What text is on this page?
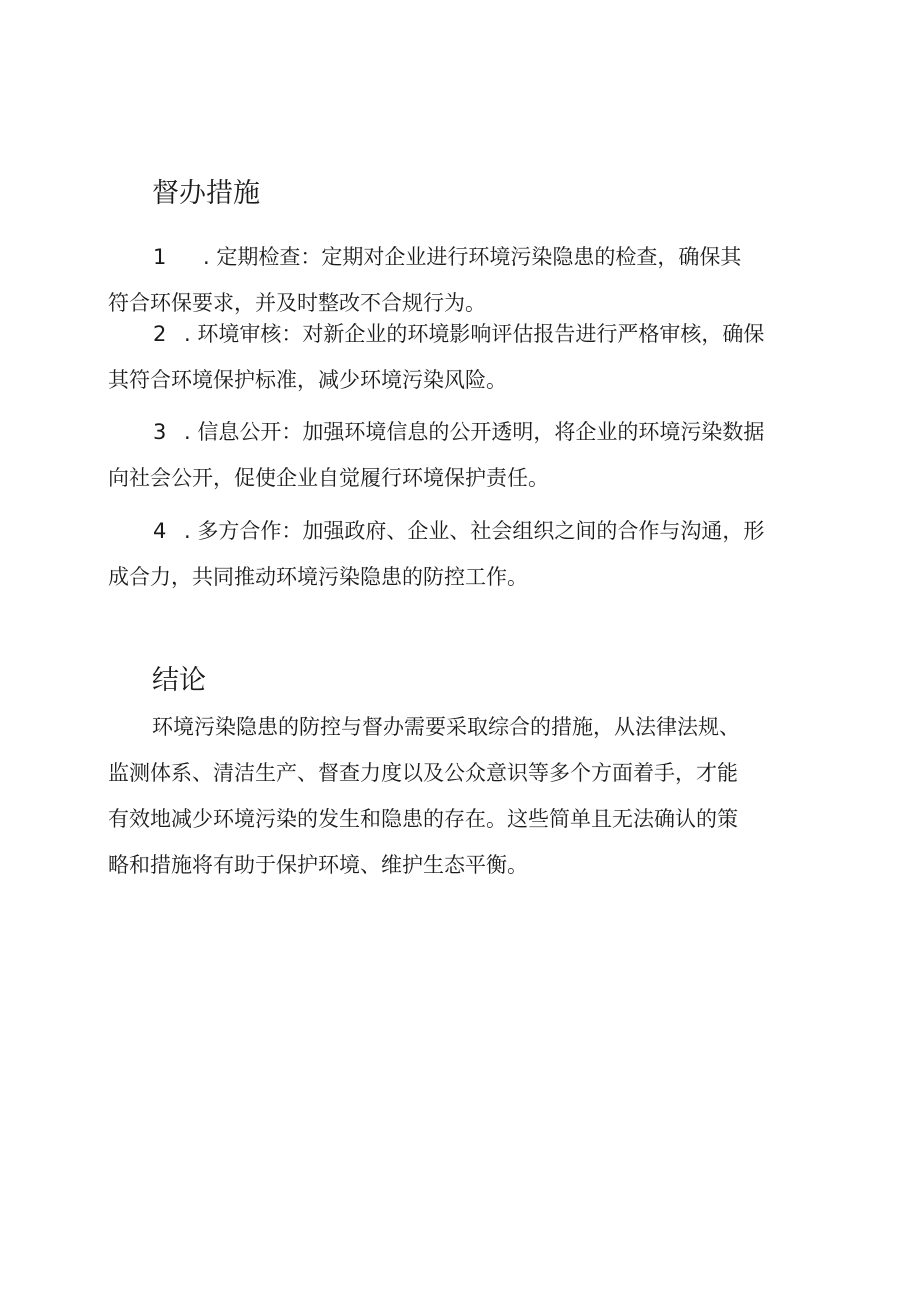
督办措施
1 . 定期检查：定期对企业进行环境污染隐患的检查，确保其
符合环保要求，并及时整改不合规行为。
2 . 环境审核：对新企业的环境影响评估报告进行严格审核，确保
其符合环境保护标准，减少环境污染风险。
3 . 信息公开：加强环境信息的公开透明，将企业的环境污染数据
向社会公开，促使企业自觉履行环境保护责任。
4 . 多方合作：加强政府、企业、社会组织之间的合作与沟通，形
成合力，共同推动环境污染隐患的防控工作。
结论
环境污染隐患的防控与督办需要采取综合的措施，从法律法规、
监测体系、清洁生产、督查力度以及公众意识等多个方面着手，才能
有效地减少环境污染的发生和隐患的存在。这些简单且无法确认的策
略和措施将有助于保护环境、维护生态平衡。
